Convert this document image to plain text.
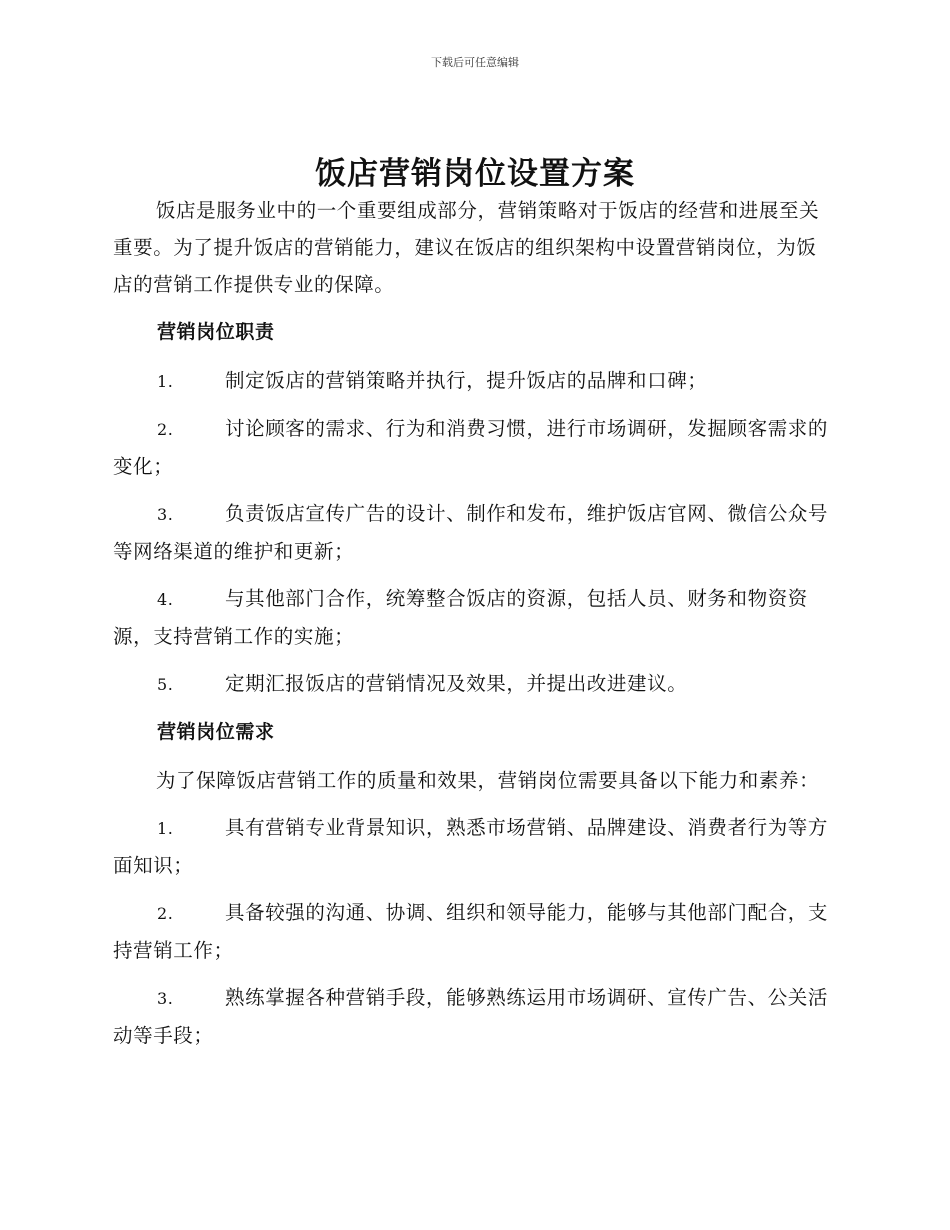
下载后可任意编辑
饭店营销岗位设置方案

饭店是服务业中的一个重要组成部分，营销策略对于饭店的经营和进展至关重要。为了提升饭店的营销能力，建议在饭店的组织架构中设置营销岗位，为饭店的营销工作提供专业的保障。

营销岗位职责
1.	制定饭店的营销策略并执行，提升饭店的品牌和口碑；
2.	讨论顾客的需求、行为和消费习惯，进行市场调研，发掘顾客需求的变化；
3.	负责饭店宣传广告的设计、制作和发布，维护饭店官网、微信公众号等网络渠道的维护和更新；
4.	与其他部门合作，统筹整合饭店的资源，包括人员、财务和物资资源，支持营销工作的实施；
5.	定期汇报饭店的营销情况及效果，并提出改进建议。
营销岗位需求

为了保障饭店营销工作的质量和效果，营销岗位需要具备以下能力和素养：

1.	具有营销专业背景知识，熟悉市场营销、品牌建设、消费者行为等方面知识；
2.	具备较强的沟通、协调、组织和领导能力，能够与其他部门配合，支持营销工作；
3.	熟练掌握各种营销手段，能够熟练运用市场调研、宣传广告、公关活动等手段；
